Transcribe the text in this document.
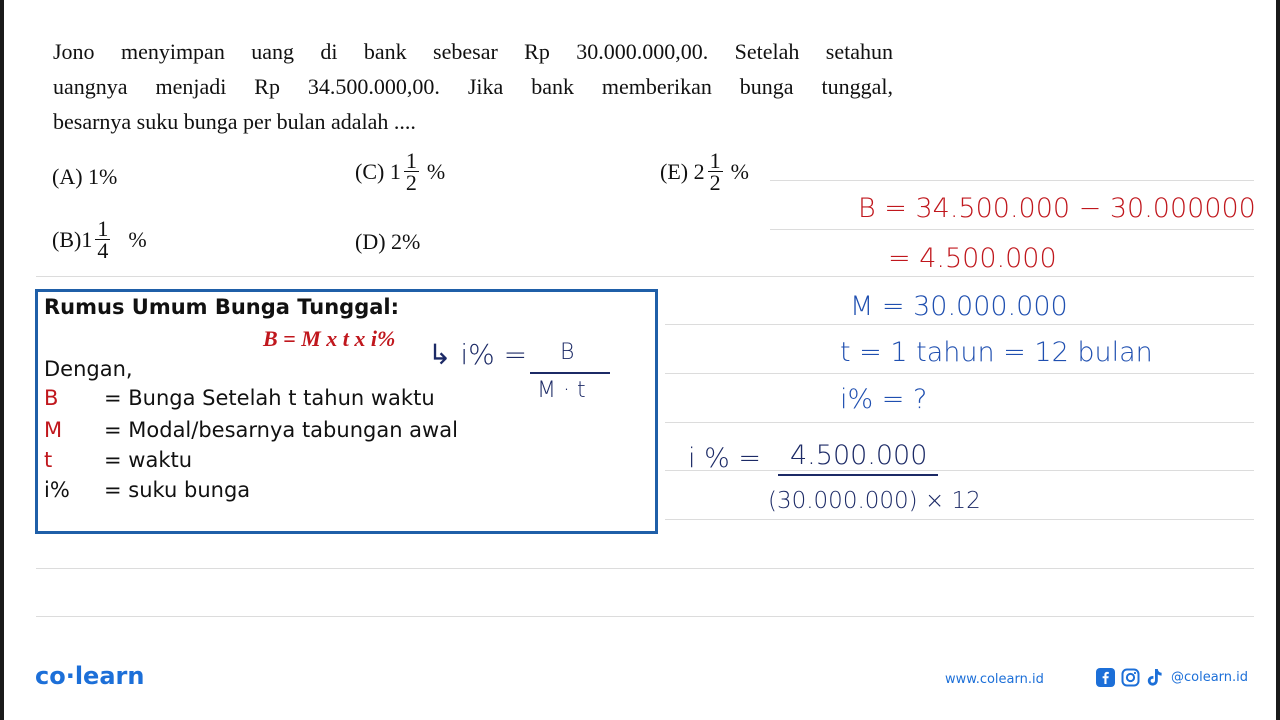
Jono menyimpan uang di bank sebesar Rp 30.000.000,00. Setelah setahun
uangnya menjadi Rp 34.500.000,00. Jika bank memberikan bunga tunggal,
besarnya suku bunga per bulan adalah ....
(A)
1%	(C)
$1 \frac{1}{2}$ %	(E)
$2 \frac{1}{2}$ %
(B) $1 \frac{1}{4}$ %	(D)
2%
Rumus Umum Bunga Tunggal:
B = M x t x i%
Dengan,
B	= Bunga Setelah t tahun waktu
M	= Modal/besarnya tabungan awal
t	= waktu
i%	= suku bunga
↳ i% = B
M · t
B = 34.500.000 − 30.000000
= 4.500.000
M = 30.000.000
t = 1 tahun = 12 bulan
i% = ?
i % = 4.500.000
(30.000.000) × 12
co·learn	www.colearn.id	@colearn.id
